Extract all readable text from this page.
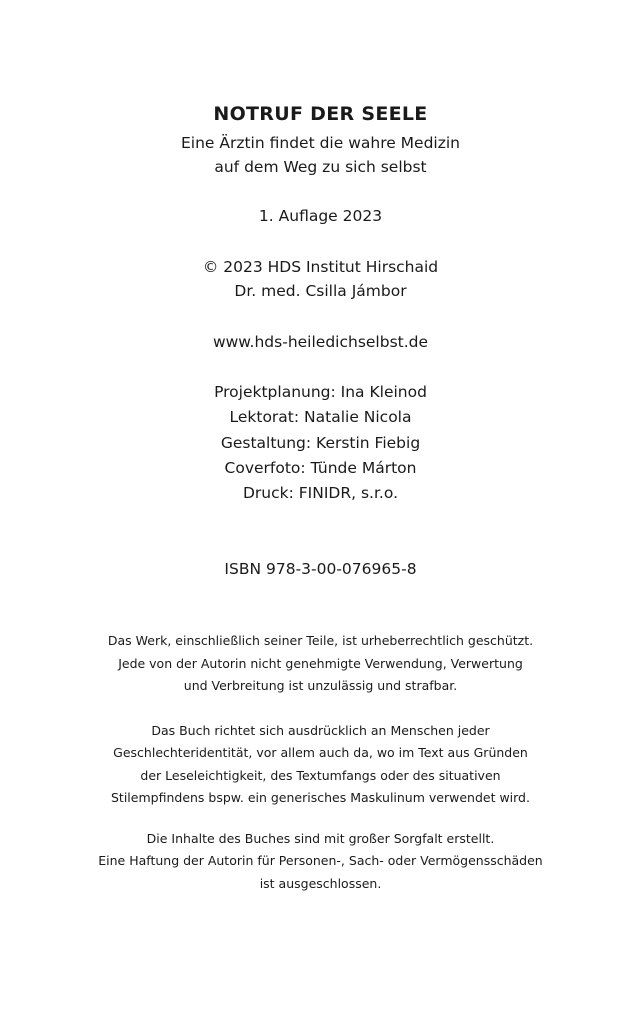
NOTRUF DER SEELE

Eine Ärztin findet die wahre Medizin

auf dem Weg zu sich selbst

1. Auflage 2023

© 2023 HDS Institut Hirschaid

Dr. med. Csilla Jámbor

www.hds-heiledichselbst.de

Projektplanung: Ina Kleinod

Lektorat: Natalie Nicola

Gestaltung: Kerstin Fiebig

Coverfoto: Tünde Márton

Druck: FINIDR, s.r.o.

ISBN 978-3-00-076965-8

Das Werk, einschließlich seiner Teile, ist urheberrechtlich geschützt.

Jede von der Autorin nicht genehmigte Verwendung, Verwertung

und Verbreitung ist unzulässig und strafbar.

Das Buch richtet sich ausdrücklich an Menschen jeder

Geschlechteridentität, vor allem auch da, wo im Text aus Gründen

der Leseleichtigkeit, des Textumfangs oder des situativen

Stilempfindens bspw. ein generisches Maskulinum verwendet wird.

Die Inhalte des Buches sind mit großer Sorgfalt erstellt.

Eine Haftung der Autorin für Personen-, Sach- oder Vermögensschäden

ist ausgeschlossen.
